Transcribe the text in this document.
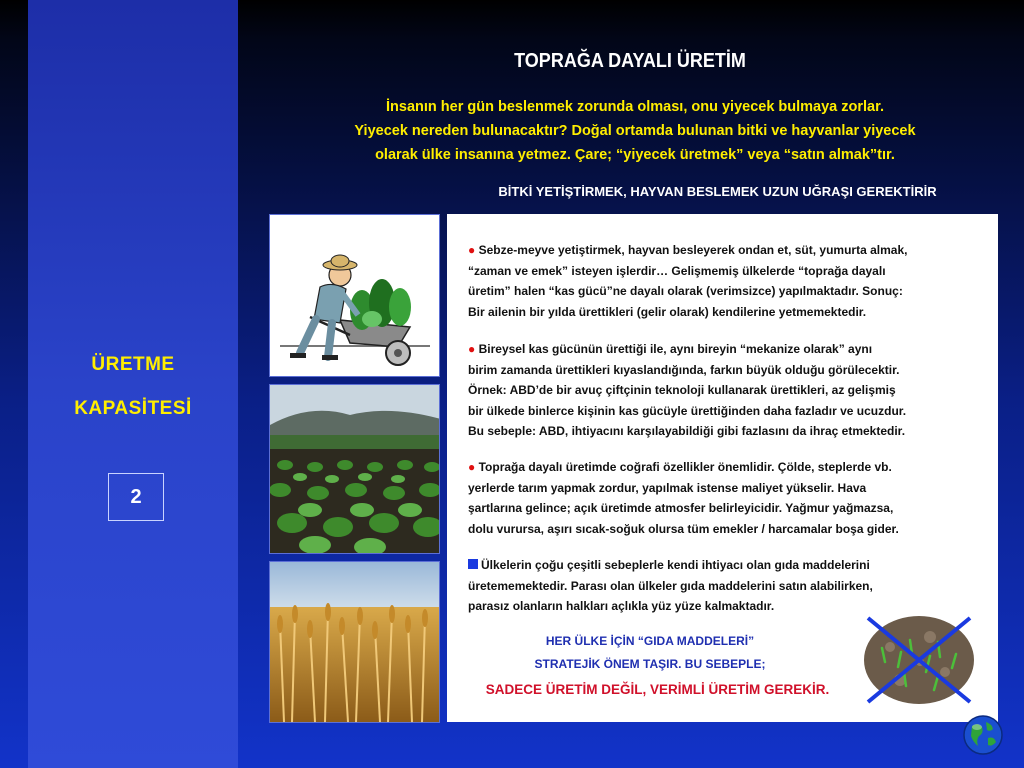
ÜRETME
KAPASİTESİ
2
TOPRAĞA DAYALI ÜRETİM
İnsanın her gün beslenmek zorunda olması, onu yiyecek bulmaya zorlar.
Yiyecek nereden bulunacaktır? Doğal ortamda bulunan bitki ve hayvanlar yiyecek
olarak ülke insanına yetmez. Çare; “yiyecek üretmek” veya “satın almak”tır.
BİTKİ YETİŞTİRMEK, HAYVAN BESLEMEK UZUN UĞRAŞI GEREKTİRİR
● Sebze-meyve yetiştirmek, hayvan besleyerek ondan et, süt, yumurta almak,
“zaman ve emek” isteyen işlerdir… Gelişmemiş ülkelerde “toprağa dayalı
üretim” halen “kas gücü”ne dayalı olarak (verimsizce) yapılmaktadır. Sonuç:
Bir ailenin bir yılda ürettikleri (gelir olarak) kendilerine yetmemektedir.
● Bireysel kas gücünün ürettiği ile, aynı bireyin “mekanize olarak” aynı
birim zamanda ürettikleri kıyaslandığında, farkın büyük olduğu görülecektir.
Örnek: ABD’de bir avuç çiftçinin teknoloji kullanarak ürettikleri, az gelişmiş
bir ülkede binlerce kişinin kas gücüyle ürettiğinden daha fazladır ve ucuzdur.
Bu sebeple: ABD, ihtiyacını karşılayabildiği gibi fazlasını da ihraç etmektedir.
● Toprağa dayalı üretimde coğrafi özellikler önemlidir. Çölde, steplerde vb.
yerlerde tarım yapmak zordur, yapılmak istense maliyet yükselir. Hava
şartlarına gelince; açık üretimde atmosfer belirleyicidir. Yağmur yağmazsa,
dolu vurursa, aşırı sıcak-soğuk olursa tüm emekler / harcamalar boşa gider.
Ülkelerin çoğu çeşitli sebeplerle kendi ihtiyacı olan gıda maddelerini
üretememektedir. Parası olan ülkeler gıda maddelerini satın alabilirken,
parasız olanların halkları açlıkla yüz yüze kalmaktadır.
HER ÜLKE İÇİN “GIDA MADDELERİ”
STRATEJİK ÖNEM TAŞIR. BU SEBEPLE;
SADECE ÜRETİM DEĞİL, VERİMLİ ÜRETİM GEREKİR.
